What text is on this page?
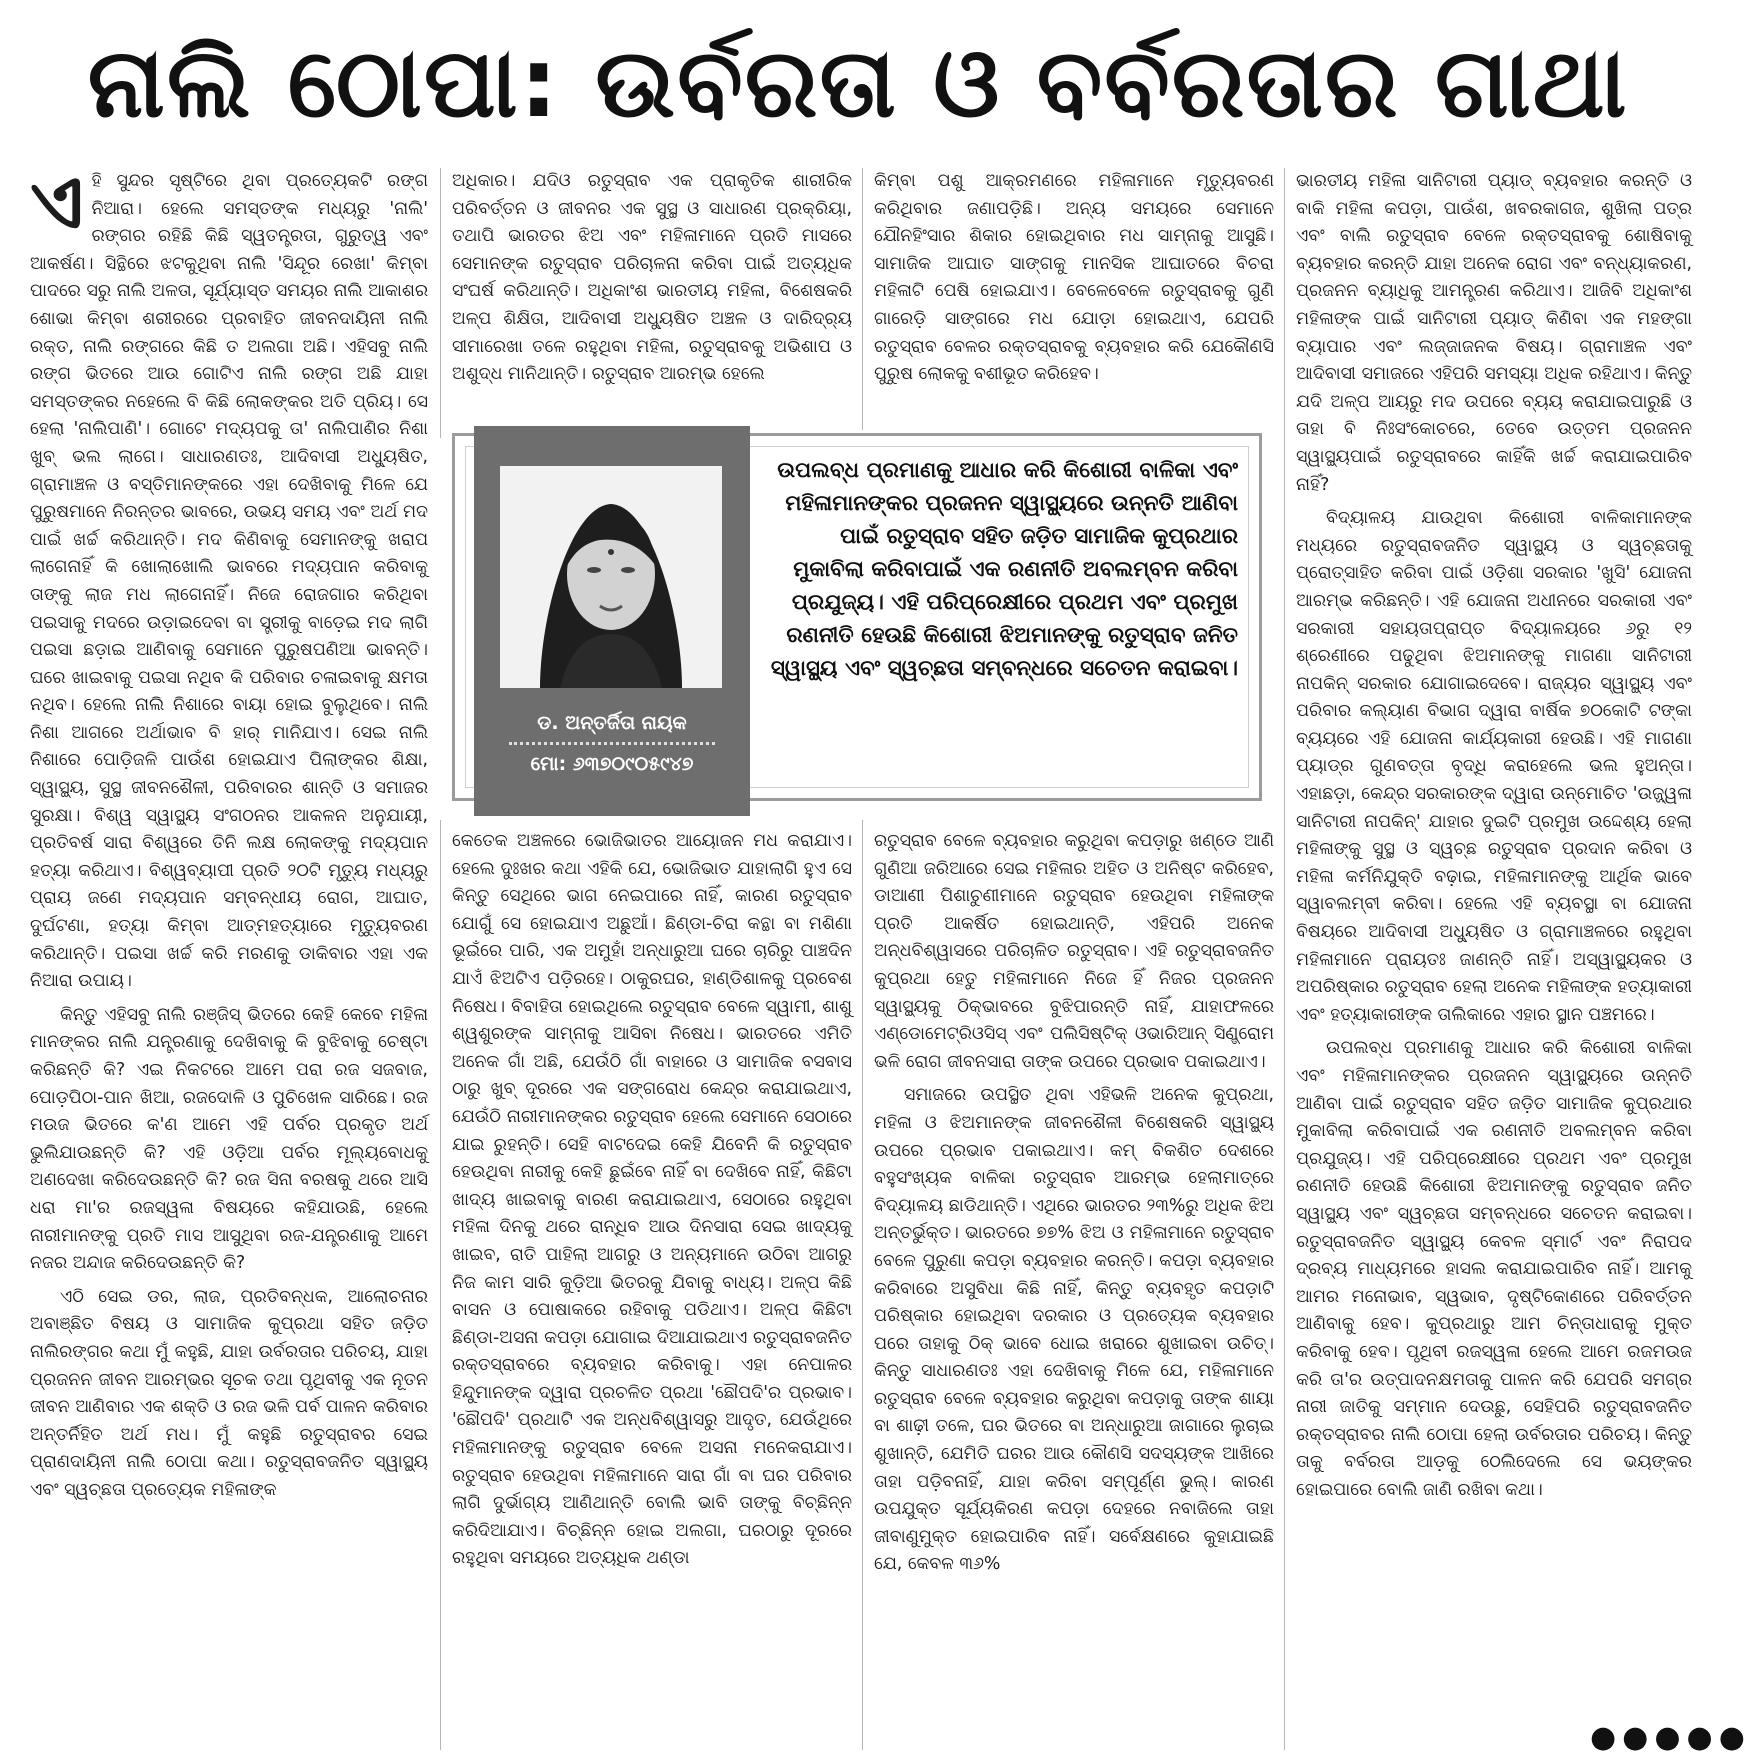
ନାଲି ଠୋପା: ଉର୍ବରତା ଓ ବର୍ବରତାର ଗାଥା

ଏହି ସୁନ୍ଦର ସୃଷ୍ଟିରେ ଥିବା ପ୍ରତ୍ୟେକଟି ରଙ୍ଗ ନିଆରା। ହେଲେ ସମସ୍ତଙ୍କ ମଧ୍ୟରୁ 'ନାଲି' ରଙ୍ଗର ରହିଛି କିଛି ସ୍ୱତନ୍ତ୍ରତା, ଗୁରୁତ୍ୱ ଏବଂ ଆକର୍ଷଣ। ସିନ୍ଥିରେ ଝଟକୁଥିବା ନାଲି 'ସିନ୍ଦୂର ରେଖା' କିମ୍ବା ପାଦରେ ସରୁ ନାଲି ଅଳତା, ସୂର୍ଯ୍ୟାସ୍ତ ସମୟର ନାଲି ଆକାଶର ଶୋଭା କିମ୍ବା ଶରୀରରେ ପ୍ରବାହିତ ଜୀବନଦାୟିନୀ ନାଲି ରକ୍ତ, ନାଲି ରଙ୍ଗରେ କିଛି ତ ଅଲଗା ଅଛି। ଏହିସବୁ ନାଲି ରଙ୍ଗ ଭିତରେ ଆଉ ଗୋଟିଏ ନାଲି ରଙ୍ଗ ଅଛି ଯାହା ସମସ୍ତଙ୍କର ନହେଲେ ବି କିଛି ଲୋକଙ୍କର ଅତି ପ୍ରିୟ। ସେ ହେଲା 'ନାଲିପାଣି'। ଗୋଟେ ମଦ୍ୟପକୁ ତା' ନାଲିପାଣିର ନିଶା ଖୁବ୍ ଭଲ ଲାଗେ। ସାଧାରଣତଃ, ଆଦିବାସୀ ଅଧ୍ୟୁଷିତ, ଗ୍ରାମାଞ୍ଚଳ ଓ ବସ୍ତିମାନଙ୍କରେ ଏହା ଦେଖିବାକୁ ମିଳେ ଯେ ପୁରୁଷମାନେ ନିରନ୍ତର ଭାବରେ, ଉଭୟ ସମୟ ଏବଂ ଅର୍ଥ ମଦ ପାଇଁ ଖର୍ଚ୍ଚ କରିଥାନ୍ତି। ମଦ କିଣିବାକୁ ସେମାନଙ୍କୁ ଖରାପ ଲାଗେନାହିଁ କି ଖୋଲାଖୋଲି ଭାବରେ ମଦ୍ୟପାନ କରିବାକୁ ତାଙ୍କୁ ଲାଜ ମଧ ଲାଗେନାହିଁ। ନିଜେ ରୋଜଗାର କରିଥିବା ପଇସାକୁ ମଦରେ ଉଡ଼ାଇଦେବା ବା ସ୍ତ୍ରୀକୁ ବାଡ଼େଇ ମଦ ଲାଗି ପଇସା ଛଡ଼ାଇ ଆଣିବାକୁ ସେମାନେ ପୁରୁଷପଣିଆ ଭାବନ୍ତି। ଘରେ ଖାଇବାକୁ ପଇସା ନଥିବ କି ପରିବାର ଚଳାଇବାକୁ କ୍ଷମତା ନଥିବ। ହେଲେ ନାଲି ନିଶାରେ ବାୟା ହୋଇ ବୁଲୁଥିବେ। ନାଲି ନିଶା ଆଗରେ ଅର୍ଥାଭାବ ବି ହାର୍ ମାନିଯାଏ। ସେଇ ନାଲି ନିଶାରେ ପୋଡ଼ିଜଳି ପାଉଁଶ ହୋଇଯାଏ ପିଲାଙ୍କର ଶିକ୍ଷା, ସ୍ୱାସ୍ଥ୍ୟ, ସୁସ୍ଥ ଜୀବନଶୈଳୀ, ପରିବାରର ଶାନ୍ତି ଓ ସମାଜର ସୁରକ୍ଷା। ବିଶ୍ୱ ସ୍ୱାସ୍ଥ୍ୟ ସଂଗଠନର ଆକଳନ ଅନୁଯାୟୀ, ପ୍ରତିବର୍ଷ ସାରା ବିଶ୍ୱରେ ତିନି ଲକ୍ଷ ଲୋକଙ୍କୁ ମଦ୍ୟପାନ ହତ୍ୟା କରିଥାଏ। ବିଶ୍ୱବ୍ୟାପୀ ପ୍ରତି ୨୦ଟି ମୃତ୍ୟୁ ମଧ୍ୟରୁ ପ୍ରାୟ ଜଣେ ମଦ୍ୟପାନ ସମ୍ବନ୍ଧୀୟ ରୋଗ, ଆଘାତ, ଦୁର୍ଘଟଣା, ହତ୍ୟା କିମ୍ବା ଆତ୍ମହତ୍ୟାରେ ମୃତ୍ୟୁବରଣ କରିଥାନ୍ତି। ପଇସା ଖର୍ଚ୍ଚ କରି ମରଣକୁ ଡାକିବାର ଏହା ଏକ ନିଆରା ଉପାୟ।

କିନ୍ତୁ ଏହିସବୁ ନାଲି ରଞ୍ଜିସ୍ ଭିତରେ କେହି କେବେ ମହିଳା ମାନଙ୍କର ନାଲି ଯନ୍ତ୍ରଣାକୁ ଦେଖିବାକୁ କି ବୁଝିବାକୁ ଚେଷ୍ଟା କରିଛନ୍ତି କି? ଏଇ ନିକଟରେ ଆମେ ପରା ରଜ ସଜବାଜ, ପୋଡ଼ପିଠା-ପାନ ଖିଆ, ରଜଦୋଳି ଓ ପୁଚିଖେଳ ସାରିଛେ। ରଜ ମଉଜ ଭିତରେ କ'ଣ ଆମେ ଏହି ପର୍ବର ପ୍ରକୃତ ଅର୍ଥ ଭୁଲିଯାଉଛନ୍ତି କି? ଏହି ଓଡ଼ିଆ ପର୍ବର ମୂଲ୍ୟବୋଧକୁ ଅଣଦେଖା କରିଦେଉଛନ୍ତି କି? ରଜ ସିନା ବରଷକୁ ଥରେ ଆସି ଧରା ମା'ର ରଜସ୍ୱଳା ବିଷୟରେ କହିଯାଉଛି, ହେଲେ ନାରୀମାନଙ୍କୁ ପ୍ରତି ମାସ ଆସୁଥିବା ରଜ-ଯନ୍ତ୍ରଣାକୁ ଆମେ ନଜର ଅନ୍ଦାଜ କରିଦେଉଛନ୍ତି କି?

ଏଠି ସେଇ ଡର, ଲାଜ, ପ୍ରତିବନ୍ଧକ, ଆଲୋଚନାର ଅବାଞ୍ଛିତ ବିଷୟ ଓ ସାମାଜିକ କୁପ୍ରଥା ସହିତ ଜଡ଼ିତ ନାଲିରଙ୍ଗର କଥା ମୁଁ କହୁଛି, ଯାହା ଉର୍ବରତାର ପରିଚୟ, ଯାହା ପ୍ରଜନନ ଜୀବନ ଆରମ୍ଭର ସୂଚକ ତଥା ପୃଥିବୀକୁ ଏକ ନୂତନ ଜୀବନ ଆଣିବାର ଏକ ଶକ୍ତି ଓ ରଜ ଭଳି ପର୍ବ ପାଳନ କରିବାର ଅନ୍ତର୍ନିହିତ ଅର୍ଥ ମଧ। ମୁଁ କହୁଛି ରତୁସ୍ରାବର ସେଇ ପ୍ରାଣଦାୟିନୀ ନାଲି ଠୋପା କଥା। ରତୁସ୍ରାବଜନିତ ସ୍ୱାସ୍ଥ୍ୟ ଏବଂ ସ୍ୱଚ୍ଛତା ପ୍ରତ୍ୟେକ ମହିଳାଙ୍କ

ଅଧିକାର। ଯଦିଓ ରତୁସ୍ରାବ ଏକ ପ୍ରାକୃତିକ ଶାରୀରିକ ପରିବର୍ତ୍ତନ ଓ ଜୀବନର ଏକ ସୁସ୍ଥ ଓ ସାଧାରଣ ପ୍ରକ୍ରିୟା, ତଥାପି ଭାରତର ଝିଅ ଏବଂ ମହିଳାମାନେ ପ୍ରତି ମାସରେ ସେମାନଙ୍କ ରତୁସ୍ରାବ ପରିଚାଳନା କରିବା ପାଇଁ ଅତ୍ୟଧିକ ସଂଘର୍ଷ କରିଥାନ୍ତି। ଅଧିକାଂଶ ଭାରତୀୟ ମହିଳା, ବିଶେଷକରି ଅଳ୍ପ ଶିକ୍ଷିତା, ଆଦିବାସୀ ଅଧ୍ୟୁଷିତ ଅଞ୍ଚଳ ଓ ଦାରିଦ୍ର୍ୟ ସୀମାରେଖା ତଳେ ରହୁଥିବା ମହିଳା, ରତୁସ୍ରାବକୁ ଅଭିଶାପ ଓ ଅଶୁଦ୍ଧ ମାନିଥାନ୍ତି। ରତୁସ୍ରାବ ଆରମ୍ଭ ହେଲେ

କିମ୍ବା ପଶୁ ଆକ୍ରମଣରେ ମହିଳାମାନେ ମୃତ୍ୟୁବରଣ କରିଥିବାର ଜଣାପଡ଼ିଛି। ଅନ୍ୟ ସମୟରେ ସେମାନେ ଯୌନହିଂସାର ଶିକାର ହୋଇଥିବାର ମଧ ସାମ୍ନାକୁ ଆସୁଛି। ସାମାଜିକ ଆଘାତ ସାଙ୍ଗକୁ ମାନସିକ ଆଘାତରେ ବିଚରା ମହିଳାଟି ପେଷି ହୋଇଯାଏ। ବେଳେବେଳେ ରତୁସ୍ରାବକୁ ଗୁଣି ଗାରେଡ଼ି ସାଙ୍ଗରେ ମଧ ଯୋଡ଼ା ହୋଇଥାଏ, ଯେପରି ରତୁସ୍ରାବ ବେଳର ରକ୍ତସ୍ରାବକୁ ବ୍ୟବହାର କରି ଯେକୌଣସି ପୁରୁଷ ଲୋକକୁ ବଶୀଭୂତ କରିହେବ।

ଡ. ଅନ୍ତର୍ଜିତା ନାୟକ
ମୋ: ୬୩୭୦୯୦୫୯୪୭
ଉପଲବ୍ଧ ପ୍ରମାଣକୁ ଆଧାର କରି କିଶୋରୀ ବାଳିକା ଏବଂ ମହିଳାମାନଙ୍କର ପ୍ରଜନନ ସ୍ୱାସ୍ଥ୍ୟରେ ଉନ୍ନତି ଆଣିବା ପାଇଁ ରତୁସ୍ରାବ ସହିତ ଜଡ଼ିତ ସାମାଜିକ କୁପ୍ରଥାର ମୁକାବିଲା କରିବାପାଇଁ ଏକ ରଣନୀତି ଅବଲମ୍ବନ କରିବା ପ୍ରଯୁଜ୍ୟ। ଏହି ପରିପ୍ରେକ୍ଷୀରେ ପ୍ରଥମ ଏବଂ ପ୍ରମୁଖ ରଣନୀତି ହେଉଛି କିଶୋରୀ ଝିଅମାନଙ୍କୁ ରତୁସ୍ରାବ ଜନିତ ସ୍ୱାସ୍ଥ୍ୟ ଏବଂ ସ୍ୱଚ୍ଛତା ସମ୍ବନ୍ଧରେ ସଚେତନ କରାଇବା।

କେତେକ ଅଞ୍ଚଳରେ ଭୋଜିଭାତର ଆୟୋଜନ ମଧ କରାଯାଏ। ହେଲେ ଦୁଃଖର କଥା ଏହିକି ଯେ, ଭୋଜିଭାତ ଯାହାଲାଗି ହୁଏ ସେ କିନ୍ତୁ ସେଥିରେ ଭାଗ ନେଇପାରେ ନାହିଁ, କାରଣ ରତୁସ୍ରାବ ଯୋଗୁଁ ସେ ହୋଇଯାଏ ଅଛୁଆଁ। ଛିଣ୍ଡା-ଚିରା କନ୍ଥା ବା ମଶିଣା ଭୂଇଁରେ ପାରି, ଏକ ଅମୁହାଁ ଅନ୍ଧାରୁଆ ଘରେ ଚାରିରୁ ପାଞ୍ଚଦିନ ଯାଏଁ ଝିଅଟିଏ ପଡ଼ିରହେ। ଠାକୁରଘର, ହାଣ୍ଡିଶାଳକୁ ପ୍ରବେଶ ନିଷେଧ। ବିବାହିତା ହୋଇଥିଲେ ରତୁସ୍ରାବ ବେଳେ ସ୍ୱାମୀ, ଶାଶୁ ଶ୍ୱଶୁରଙ୍କ ସାମ୍ନାକୁ ଆସିବା ନିଷେଧ। ଭାରତରେ ଏମିତି ଅନେକ ଗାଁ ଅଛି, ଯେଉଁଠି ଗାଁ ବାହାରେ ଓ ସାମାଜିକ ବସବାସ ଠାରୁ ଖୁବ୍ ଦୂରରେ ଏକ ସଙ୍ଗରୋଧ କେନ୍ଦ୍ର କରାଯାଇଥାଏ, ଯେଉଁଠି ନାରୀମାନଙ୍କର ରତୁସ୍ରାବ ହେଲେ ସେମାନେ ସେଠାରେ ଯାଇ ରୁହନ୍ତି। ସେହି ବାଟଦେଇ କେହି ଯିବେନି କି ରତୁସ୍ରାବ ହେଉଥିବା ନାରୀକୁ କେହି ଛୁଇଁବେ ନାହିଁ ବା ଦେଖିବେ ନାହିଁ, କିଛିଟା ଖାଦ୍ୟ ଖାଇବାକୁ ବାରଣ କରାଯାଇଥାଏ, ସେଠାରେ ରହୁଥିବା ମହିଳା ଦିନକୁ ଥରେ ରାନ୍ଧିବ ଆଉ ଦିନସାରା ସେଇ ଖାଦ୍ୟକୁ ଖାଇବ, ରାତି ପାହିଲା ଆଗରୁ ଓ ଅନ୍ୟମାନେ ଉଠିବା ଆଗରୁ ନିଜ କାମ ସାରି କୁଡ଼ିଆ ଭିତରକୁ ଯିବାକୁ ବାଧ୍ୟ। ଅଳ୍ପ କିଛି ବାସନ ଓ ପୋଷାକରେ ରହିବାକୁ ପଡିଥାଏ। ଅଳ୍ପ କିଛିଟା ଛିଣ୍ଡା-ଅସନା କପଡ଼ା ଯୋଗାଇ ଦିଆଯାଇଥାଏ ରତୁସ୍ରାବଜନିତ ରକ୍ତସ୍ରାବରେ ବ୍ୟବହାର କରିବାକୁ। ଏହା ନେପାଳର ହିନ୍ଦୁମାନଙ୍କ ଦ୍ୱାରା ପ୍ରଚଳିତ ପ୍ରଥା 'ଛୌପଦି'ର ପ୍ରଭାବ। 'ଛୌପଦି' ପ୍ରଥାଟି ଏକ ଅନ୍ଧବିଶ୍ୱାସରୁ ଆଦୃତ, ଯେଉଁଥିରେ ମହିଳାମାନଙ୍କୁ ରତୁସ୍ରାବ ବେଳେ ଅସନା ମନେକରାଯାଏ। ରତୁସ୍ରାବ ହେଉଥିବା ମହିଳାମାନେ ସାରା ଗାଁ ବା ଘର ପରିବାର ଲାଗି ଦୁର୍ଭାଗ୍ୟ ଆଣିଥାନ୍ତି ବୋଲି ଭାବି ତାଙ୍କୁ ବିଚ୍ଛିନ୍ନ କରିଦିଆଯାଏ। ବିଚ୍ଛିନ୍ନ ହୋଇ ଅଲଗା, ଘରଠାରୁ ଦୂରରେ ରହୁଥିବା ସମୟରେ ଅତ୍ୟଧିକ ଥଣ୍ଡା

ରତୁସ୍ରାବ ବେଳେ ବ୍ୟବହାର କରୁଥିବା କପଡ଼ାରୁ ଖଣ୍ଡେ ଆଣି ଗୁଣିଆ ଜରିଆରେ ସେଇ ମହିଳାର ଅହିତ ଓ ଅନିଷ୍ଟ କରିହେବ, ଡାଆଣୀ ପିଶାଚୁଣୀମାନେ ରତୁସ୍ରାବ ହେଉଥିବା ମହିଳାଙ୍କ ପ୍ରତି ଆକର୍ଷିତ ହୋଇଥାନ୍ତି, ଏହିପରି ଅନେକ ଅନ୍ଧବିଶ୍ୱାସରେ ପରିଚାଳିତ ରତୁସ୍ରାବ। ଏହି ରତୁସ୍ରାବଜନିତ କୁପ୍ରଥା ହେତୁ ମହିଳାମାନେ ନିଜେ ହିଁ ନିଜର ପ୍ରଜନନ ସ୍ୱାସ୍ଥ୍ୟକୁ ଠିକ୍ଭାବରେ ବୁଝିପାରନ୍ତି ନାହିଁ, ଯାହାଫଳରେ ଏଣ୍ଡୋମେଟ୍ରିଓସିସ୍ ଏବଂ ପଲିସିଷ୍ଟିକ୍ ଓଭାରିଆନ୍ ସିଣ୍ଡ୍ରୋମ ଭଳି ରୋଗ ଜୀବନସାରା ତାଙ୍କ ଉପରେ ପ୍ରଭାବ ପକାଇଥାଏ।

ସମାଜରେ ଉପସ୍ଥିତ ଥିବା ଏହିଭଳି ଅନେକ କୁପ୍ରଥା, ମହିଳା ଓ ଝିଅମାନଙ୍କ ଜୀବନଶୈଳୀ ବିଶେଷକରି ସ୍ୱାସ୍ଥ୍ୟ ଉପରେ ପ୍ରଭାବ ପକାଇଥାଏ। କମ୍ ବିକଶିତ ଦେଶରେ ବହୁସଂଖ୍ୟକ ବାଳିକା ରତୁସ୍ରାବ ଆରମ୍ଭ ହେଲାମାତ୍ରେ ବିଦ୍ୟାଳୟ ଛାଡିଥାନ୍ତି। ଏଥିରେ ଭାରତର ୨୩%ରୁ ଅଧିକ ଝିଅ ଅନ୍ତର୍ଭୁକ୍ତ। ଭାରତରେ ୭୭% ଝିଅ ଓ ମହିଳାମାନେ ରତୁସ୍ରାବ ବେଳେ ପୁରୁଣା କପଡ଼ା ବ୍ୟବହାର କରନ୍ତି। କପଡ଼ା ବ୍ୟବହାର କରିବାରେ ଅସୁବିଧା କିଛି ନାହିଁ, କିନ୍ତୁ ବ୍ୟବହୃତ କପଡ଼ାଟି ପରିଷ୍କାର ହୋଇଥିବା ଦରକାର ଓ ପ୍ରତ୍ୟେକ ବ୍ୟବହାର ପରେ ତାହାକୁ ଠିକ୍ ଭାବେ ଧୋଇ ଖରାରେ ଶୁଖାଇବା ଉଚିତ୍। କିନ୍ତୁ ସାଧାରଣତଃ ଏହା ଦେଖିବାକୁ ମିଳେ ଯେ, ମହିଳାମାନେ ରତୁସ୍ରାବ ବେଳେ ବ୍ୟବହାର କରୁଥିବା କପଡ଼ାକୁ ତାଙ୍କ ଶାୟା ବା ଶାଢ଼ୀ ତଳେ, ଘର ଭିତରେ ବା ଅନ୍ଧାରୁଆ ଜାଗାରେ ଲୁଚାଇ ଶୁଖାନ୍ତି, ଯେମିତି ଘରର ଆଉ କୌଣସି ସଦସ୍ୟଙ୍କ ଆଖିରେ ତାହା ପଡ଼ିବନାହିଁ, ଯାହା କରିବା ସମ୍ପୂର୍ଣ୍ଣ ଭୁଲ୍। କାରଣ ଉପଯୁକ୍ତ ସୂର୍ଯ୍ୟକିରଣ କପଡ଼ା ଦେହରେ ନବାଜିଲେ ତାହା ଜୀବାଣୁମୁକ୍ତ ହୋଇପାରିବ ନାହିଁ। ସର୍ବେକ୍ଷଣରେ କୁହାଯାଇଛି ଯେ, କେବଳ ୩୬%

ଭାରତୀୟ ମହିଳା ସାନିଟାରୀ ପ୍ୟାଡ୍ ବ୍ୟବହାର କରନ୍ତି ଓ ବାକି ମହିଳା କପଡ଼ା, ପାଉଁଶ, ଖବରକାଗଜ, ଶୁଖିଲା ପତ୍ର ଏବଂ ବାଲି ରତୁସ୍ରାବ ବେଳେ ରକ୍ତସ୍ରାବକୁ ଶୋଷିବାକୁ ବ୍ୟବହାର କରନ୍ତି ଯାହା ଅନେକ ରୋଗ ଏବଂ ବନ୍ଧ୍ୟାକରଣ, ପ୍ରଜନନ ବ୍ୟାଧିକୁ ଆମନ୍ତ୍ରଣ କରିଥାଏ। ଆଜିବି ଅଧିକାଂଶ ମହିଳାଙ୍କ ପାଇଁ ସାନିଟାରୀ ପ୍ୟାଡ୍ କିଣିବା ଏକ ମହଙ୍ଗା ବ୍ୟାପାର ଏବଂ ଲଜ୍ଜାଜନକ ବିଷୟ। ଗ୍ରାମାଞ୍ଚଳ ଏବଂ ଆଦିବାସୀ ସମାଜରେ ଏହିପରି ସମସ୍ୟା ଅଧିକ ରହିଥାଏ। କିନ୍ତୁ ଯଦି ଅଳ୍ପ ଆୟରୁ ମଦ ଉପରେ ବ୍ୟୟ କରାଯାଇପାରୁଛି ଓ ତାହା ବି ନିଃସଂକୋଚରେ, ତେବେ ଉତ୍ତମ ପ୍ରଜନନ ସ୍ୱାସ୍ଥ୍ୟପାଇଁ ରତୁସ୍ରାବରେ କାହିଁକି ଖର୍ଚ୍ଚ କରାଯାଇପାରିବ ନାହିଁ?

ବିଦ୍ୟାଳୟ ଯାଉଥିବା କିଶୋରୀ ବାଳିକାମାନଙ୍କ ମଧ୍ୟରେ ରତୁସ୍ରାବଜନିତ ସ୍ୱାସ୍ଥ୍ୟ ଓ ସ୍ୱଚ୍ଛତାକୁ ପ୍ରୋତ୍ସାହିତ କରିବା ପାଇଁ ଓଡ଼ିଶା ସରକାର 'ଖୁସି' ଯୋଜନା ଆରମ୍ଭ କରିଛନ୍ତି। ଏହି ଯୋଜନା ଅଧୀନରେ ସରକାରୀ ଏବଂ ସରକାରୀ ସହାୟତାପ୍ରାପ୍ତ ବିଦ୍ୟାଳୟରେ ୬ରୁ ୧୨ ଶ୍ରେଣୀରେ ପଢୁଥିବା ଝିଅମାନଙ୍କୁ ମାଗଣା ସାନିଟାରୀ ନାପକିନ୍ ସରକାର ଯୋଗାଇଦେବେ। ରାଜ୍ୟର ସ୍ୱାସ୍ଥ୍ୟ ଏବଂ ପରିବାର କଲ୍ୟାଣ ବିଭାଗ ଦ୍ୱାରା ବାର୍ଷିକ ୭୦କୋଟି ଟଙ୍କା ବ୍ୟୟରେ ଏହି ଯୋଜନା କାର୍ଯ୍ୟକାରୀ ହେଉଛି। ଏହି ମାଗଣା ପ୍ୟାଡ୍ର ଗୁଣବତ୍ତା ବୃଦ୍ଧି କରାହେଲେ ଭଲ ହୁଅନ୍ତା। ଏହାଛଡ଼ା, କେନ୍ଦ୍ର ସରକାରଙ୍କ ଦ୍ୱାରା ଉନ୍ମୋଚିତ 'ଉଜ୍ଜ୍ୱଳା ସାନିଟାରୀ ନାପକିନ୍' ଯାହାର ଦୁଇଟି ପ୍ରମୁଖ ଉଦ୍ଦେଶ୍ୟ ହେଲା ମହିଳାଙ୍କୁ ସୁସ୍ଥ ଓ ସ୍ୱଚ୍ଛ ରତୁସ୍ରାବ ପ୍ରଦାନ କରିବା ଓ ମହିଳା କର୍ମନିଯୁକ୍ତି ବଢ଼ାଇ, ମହିଳାମାନଙ୍କୁ ଆର୍ଥିକ ଭାବେ ସ୍ୱାବଲମ୍ବୀ କରିବା। ହେଲେ ଏହି ବ୍ୟବସ୍ଥା ବା ଯୋଜନା ବିଷୟରେ ଆଦିବାସୀ ଅଧ୍ୟୁଷିତ ଓ ଗ୍ରାମାଞ୍ଚଳରେ ରହୁଥିବା ମହିଳାମାନେ ପ୍ରାୟତଃ ଜାଣନ୍ତି ନାହିଁ। ଅସ୍ୱାସ୍ଥ୍ୟକର ଓ ଅପରିଷ୍କାର ରତୁସ୍ରାବ ହେଲା ଅନେକ ମହିଳାଙ୍କ ହତ୍ୟାକାରୀ ଏବଂ ହତ୍ୟାକାରୀଙ୍କ ତାଲିକାରେ ଏହାର ସ୍ଥାନ ପଞ୍ଚମରେ।

ଉପଲବ୍ଧ ପ୍ରମାଣକୁ ଆଧାର କରି କିଶୋରୀ ବାଳିକା ଏବଂ ମହିଳାମାନଙ୍କର ପ୍ରଜନନ ସ୍ୱାସ୍ଥ୍ୟରେ ଉନ୍ନତି ଆଣିବା ପାଇଁ ରତୁସ୍ରାବ ସହିତ ଜଡ଼ିତ ସାମାଜିକ କୁପ୍ରଥାର ମୁକାବିଲା କରିବାପାଇଁ ଏକ ରଣନୀତି ଅବଲମ୍ବନ କରିବା ପ୍ରଯୁଜ୍ୟ। ଏହି ପରିପ୍ରେକ୍ଷୀରେ ପ୍ରଥମ ଏବଂ ପ୍ରମୁଖ ରଣନୀତି ହେଉଛି କିଶୋରୀ ଝିଅମାନଙ୍କୁ ରତୁସ୍ରାବ ଜନିତ ସ୍ୱାସ୍ଥ୍ୟ ଏବଂ ସ୍ୱଚ୍ଛତା ସମ୍ବନ୍ଧରେ ସଚେତନ କରାଇବା। ରତୁସ୍ରାବଜନିତ ସ୍ୱାସ୍ଥ୍ୟ କେବଳ ସ୍ମାର୍ଟ ଏବଂ ନିରାପଦ ଦ୍ରବ୍ୟ ମାଧ୍ୟମରେ ହାସଲ କରାଯାଇପାରିବ ନାହିଁ। ଆମକୁ ଆମର ମନୋଭାବ, ସ୍ୱଭାବ, ଦୃଷ୍ଟିକୋଣରେ ପରିବର୍ତ୍ତନ ଆଣିବାକୁ ହେବ। କୁପ୍ରଥାରୁ ଆମ ଚିନ୍ତାଧାରାକୁ ମୁକ୍ତ କରିବାକୁ ହେବ। ପୃଥିବୀ ରଜସ୍ୱଳା ହେଲେ ଆମେ ରଜମଉଜ କରି ତା'ର ଉତ୍ପାଦନକ୍ଷମତାକୁ ପାଳନ କରି ଯେପରି ସମଗ୍ର ନାରୀ ଜାତିକୁ ସମ୍ମାନ ଦେଉଛୁ, ସେହିପରି ରତୁସ୍ରାବଜନିତ ରକ୍ତସ୍ରାବର ନାଲି ଠୋପା ହେଲା ଉର୍ବରତାର ପରିଚୟ। କିନ୍ତୁ ତାକୁ ବର୍ବରତା ଆଡ଼କୁ ଠେଲିଦେଲେ ସେ ଭୟଙ୍କର ହୋଇପାରେ ବୋଲି ଜାଣି ରଖିବା କଥା।

●●●●●
